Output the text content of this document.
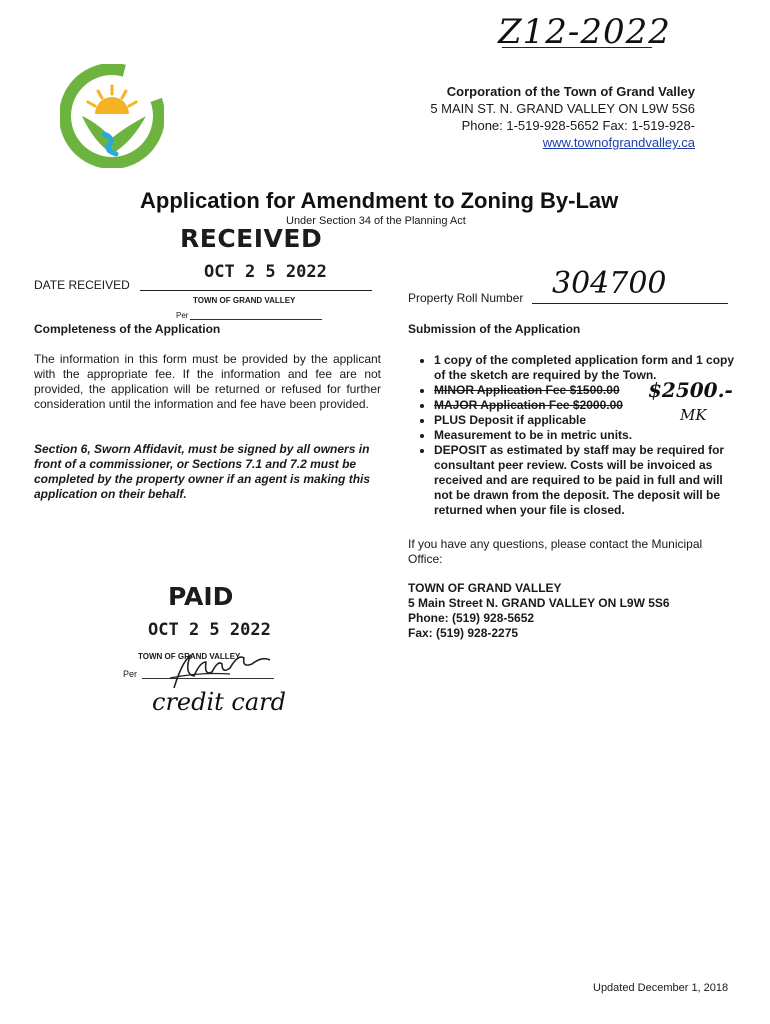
Z12-2022
Corporation of the Town of Grand Valley
5 MAIN ST. N. GRAND VALLEY ON L9W 5S6
Phone: 1-519-928-5652 Fax: 1-519-928-
www.townofgrandvalley.ca
Application for Amendment to Zoning By-Law
Under Section 34 of the Planning Act
RECEIVED
OCT 2 5 2022
TOWN OF GRAND VALLEY
Per
DATE RECEIVED
Property Roll Number 304700
Completeness of the Application
The information in this form must be provided by the applicant with the appropriate fee. If the information and fee are not provided, the application will be returned or refused for further consideration until the information and fee have been provided.
Section 6, Sworn Affidavit, must be signed by all owners in front of a commissioner, or Sections 7.1 and 7.2 must be completed by the property owner if an agent is making this application on their behalf.
Submission of the Application
• 1 copy of the completed application form and 1 copy of the sketch are required by the Town.
• MINOR Application Fee $1500.00
• MAJOR Application Fee $2000.00
• PLUS Deposit if applicable
• Measurement to be in metric units.
• DEPOSIT as estimated by staff may be required for consultant peer review. Costs will be invoiced as received and are required to be paid in full and will not be drawn from the deposit. The deposit will be returned when your file is closed.
$2500.-
MK
If you have any questions, please contact the Municipal Office:
TOWN OF GRAND VALLEY
5 Main Street N. GRAND VALLEY ON L9W 5S6
Phone: (519) 928-5652
Fax: (519) 928-2275
PAID
OCT 2 5 2022
TOWN OF GRAND VALLEY
Per
credit card
Updated December 1, 2018
